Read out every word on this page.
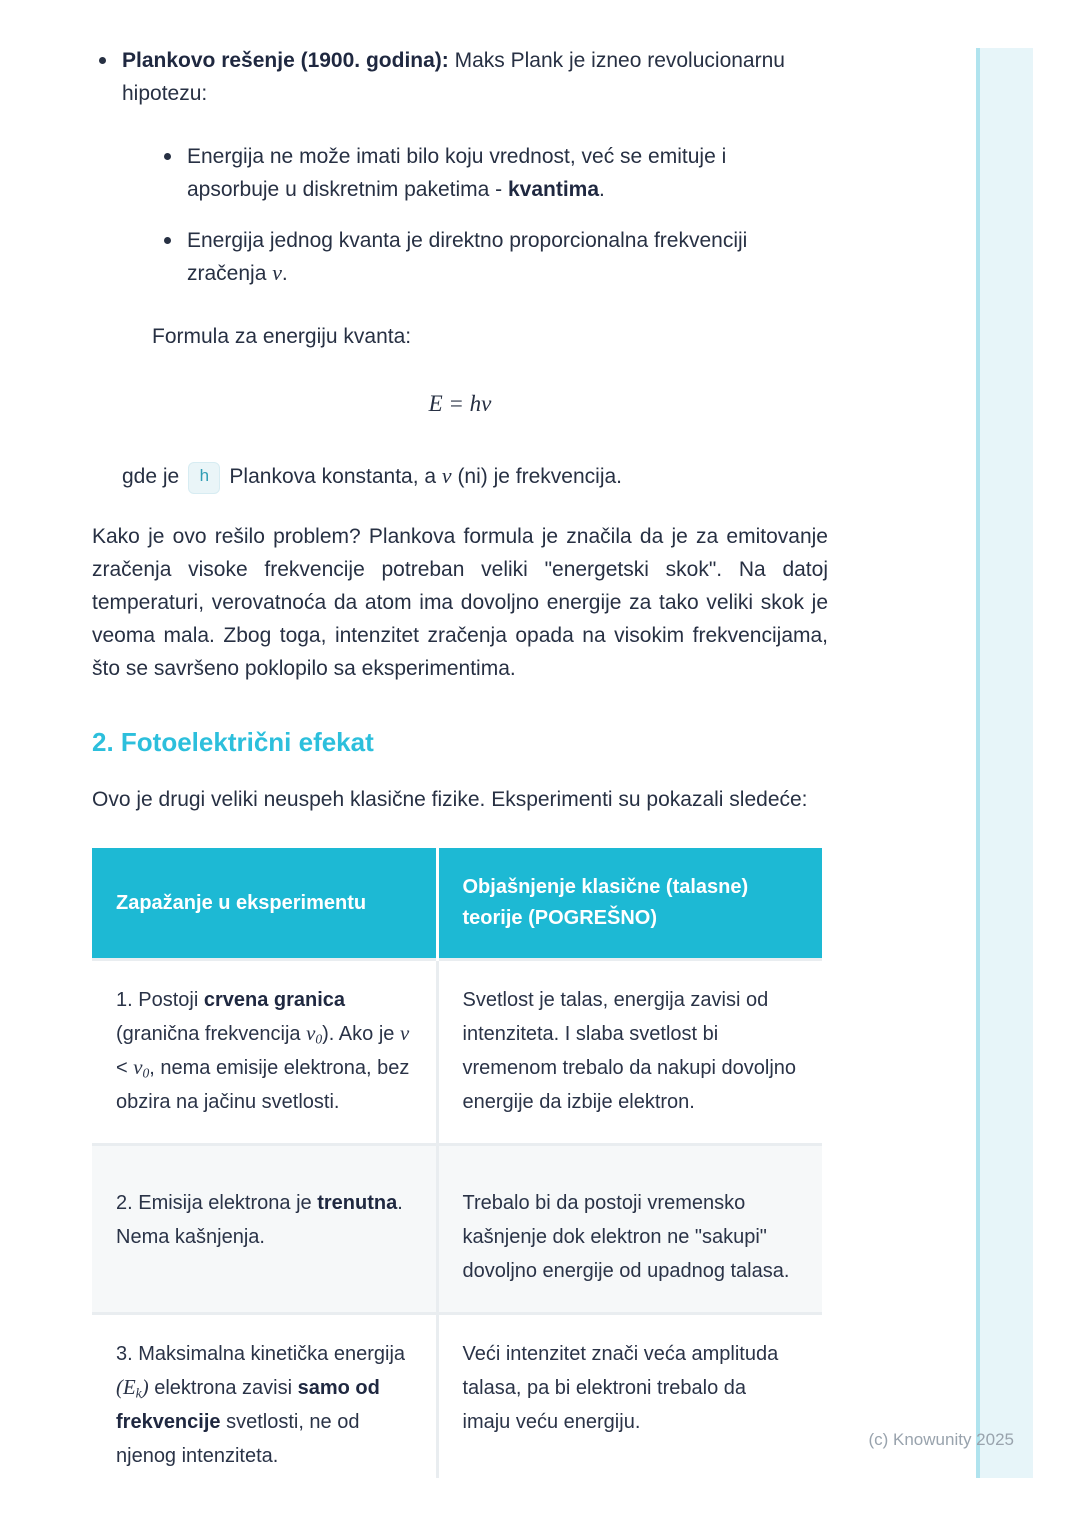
Plankovo rešenje (1900. godina): Maks Plank je izneo revolucionarnu hipotezu:

Energija ne može imati bilo koju vrednost, već se emituje i apsorbuje u diskretnim paketima - kvantima.

Energija jednog kvanta je direktno proporcionalna frekvenciji zračenja ν.

Formula za energiju kvanta:

E = hν

gde je h Plankova konstanta, a ν (ni) je frekvencija.

Kako je ovo rešilo problem? Plankova formula je značila da je za emitovanje zračenja visoke frekvencije potreban veliki "energetski skok". Na datoj temperaturi, verovatnoća da atom ima dovoljno energije za tako veliki skok je veoma mala. Zbog toga, intenzitet zračenja opada na visokim frekvencijama, što se savršeno poklopilo sa eksperimentima.

2. Fotoelektrični efekat

Ovo je drugi veliki neuspeh klasične fizike. Eksperimenti su pokazali sledeće:

Zapažanje u eksperimentu	Objašnjenje klasične (talasne) teorije (POGREŠNO)
1. Postoji crvena granica (granična frekvencija $\nu_0$). Ako je $\nu < \nu_0$, nema emisije elektrona, bez obzira na jačinu svetlosti.	Svetlost je talas, energija zavisi od intenziteta. I slaba svetlost bi vremenom trebalo da nakupi dovoljno energije da izbije elektron.
2. Emisija elektrona je trenutna. Nema kašnjenja.	Trebalo bi da postoji vremensko kašnjenje dok elektron ne "sakupi" dovoljno energije od upadnog talasa.
3. Maksimalna kinetička energija $(E_k)$ elektrona zavisi samo od frekvencije svetlosti, ne od njenog intenziteta.	Veći intenzitet znači veća amplituda talasa, pa bi elektroni trebalo da imaju veću energiju.
(c) Knowunity 2025
